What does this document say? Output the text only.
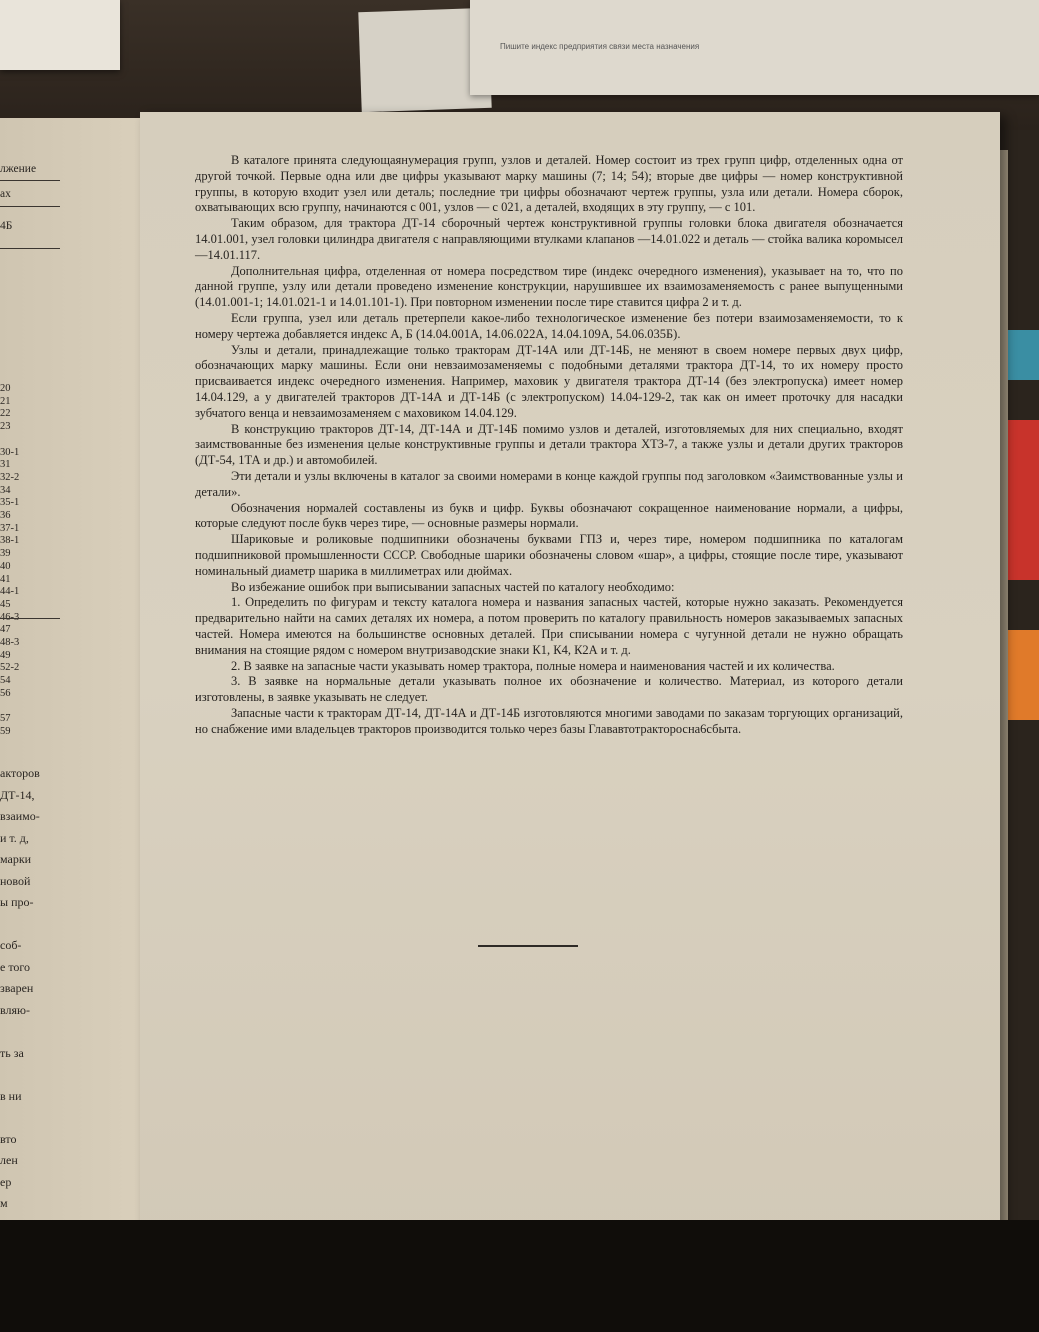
Пишите индекс предприятия связи места назначения
лжение
ах
4Б
20
21
22
23

30-1
31
32-2
34
35-1
36
37-1
38-1
39
40
41
44-1
45
47
48-3
49
52-2
54
56

57
59
акторов
ДТ-14,
взаимо-
и т. д,
марки
новой
ы про-

соб-
е того
зварен
вляю-

ть за

в ни

вто
лен
ер
м

В каталоге принята следующаянумерация групп, узлов и деталей. Номер состоит из трех групп цифр, отделенных одна от другой точкой. Первые одна или две цифры указывают марку машины (7; 14; 54); вторые две цифры — номер конструктивной группы, в которую входит узел или деталь; последние три цифры обозначают чертеж группы, узла или детали. Номера сборок, охватывающих всю группу, начинаются с 001, узлов — с 021, а деталей, входящих в эту группу, — с 101.

Таким образом, для трактора ДТ-14 сборочный чертеж конструктивной группы головки блока двигателя обозначается 14.01.001, узел головки цилиндра двигателя с направляющими втулками клапанов —14.01.022 и деталь — стойка валика коромысел —14.01.117.

Дополнительная цифра, отделенная от номера посредством тире (индекс очередного изменения), указывает на то, что по данной группе, узлу или детали проведено изменение конструкции, нарушившее их взаимозаменяемость с ранее выпущенными (14.01.001-1; 14.01.021-1 и 14.01.101-1). При повторном изменении после тире ставится цифра 2 и т. д.

Если группа, узел или деталь претерпели какое-либо технологическое изменение без потери взаимозаменяемости, то к номеру чертежа добавляется индекс А, Б (14.04.001А, 14.06.022А, 14.04.109А, 54.06.035Б).

Узлы и детали, принадлежащие только тракторам ДТ-14А или ДТ-14Б, не меняют в своем номере первых двух цифр, обозначающих марку машины. Если они невзаимозаменяемы с подобными деталями трактора ДТ-14, то их номеру просто присваивается индекс очередного изменения. Например, маховик у двигателя трактора ДТ-14 (без электропуска) имеет номер 14.04.129, а у двигателей тракторов ДТ-14А и ДТ-14Б (с электропуском) 14.04-129-2, так как он имеет проточку для насадки зубчатого венца и невзаимозаменяем с маховиком 14.04.129.

В конструкцию тракторов ДТ-14, ДТ-14А и ДТ-14Б помимо узлов и деталей, изготовляемых для них специально, входят заимствованные без изменения целые конструктивные группы и детали трактора ХТЗ-7, а также узлы и детали других тракторов (ДТ-54, 1ТА и др.) и автомобилей.

Эти детали и узлы включены в каталог за своими номерами в конце каждой группы под заголовком «Заимствованные узлы и детали».

Обозначения нормалей составлены из букв и цифр. Буквы обозначают сокращенное наименование нормали, а цифры, которые следуют после букв через тире, — основные размеры нормали.

Шариковые и роликовые подшипники обозначены буквами ГПЗ и, через тире, номером подшипника по каталогам подшипниковой промышленности СССР. Свободные шарики обозначены словом «шар», а цифры, стоящие после тире, указывают номинальный диаметр шарика в миллиметрах или дюймах.

Во избежание ошибок при выписывании запасных частей по каталогу необходимо:

1. Определить по фигурам и тексту каталога номера и названия запасных частей, которые нужно заказать. Рекомендуется предварительно найти на самих деталях их номера, а потом проверить по каталогу правильность номеров заказываемых запасных частей. Номера имеются на большинстве основных деталей. При списывании номера с чугунной детали не нужно обращать внимания на стоящие рядом с номером внутризаводские знаки К1, К4, К2А и т. д.

2. В заявке на запасные части указывать номер трактора, полные номера и наименования частей и их количества.

3. В заявке на нормальные детали указывать полное их обозначение и количество. Материал, из которого детали изготовлены, в заявке указывать не следует.

Запасные части к тракторам ДТ-14, ДТ-14А и ДТ-14Б изготовляются многими заводами по заказам торгующих организаций, но снабжение ими владельцев тракторов производится только через базы Глававтотракторосна6сбыта.
